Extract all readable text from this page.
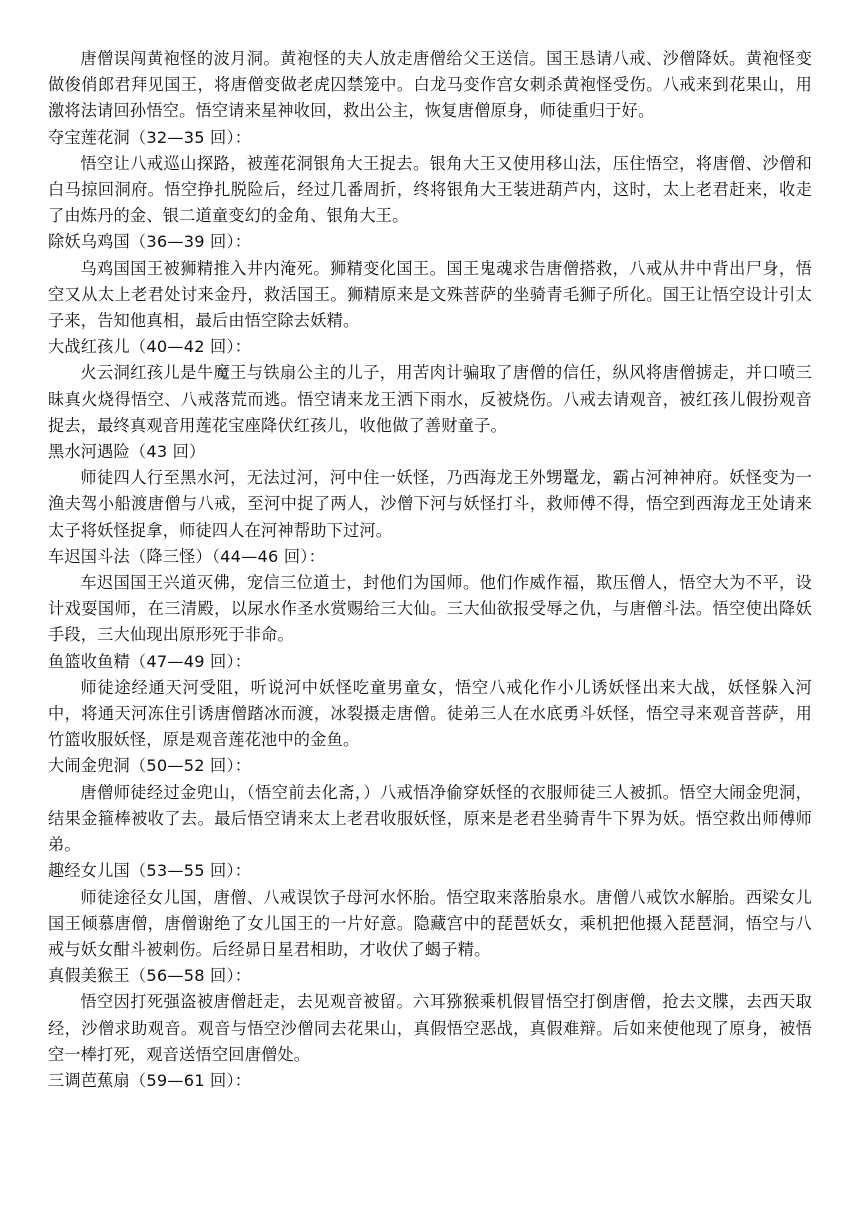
唐僧误闯黄袍怪的波月洞。黄袍怪的夫人放走唐僧给父王送信。国王恳请八戒、沙僧降妖。黄袍怪变做俊俏郎君拜见国王，将唐僧变做老虎囚禁笼中。白龙马变作宫女刺杀黄袍怪受伤。八戒来到花果山，用激将法请回孙悟空。悟空请来星神收回，救出公主，恢复唐僧原身，师徒重归于好。

夺宝莲花洞（32—35 回）：

悟空让八戒巡山探路，被莲花洞银角大王捉去。银角大王又使用移山法，压住悟空，将唐僧、沙僧和白马掠回洞府。悟空挣扎脱险后，经过几番周折，终将银角大王装进葫芦内，这时，太上老君赶来，收走了由炼丹的金、银二道童变幻的金角、银角大王。

除妖乌鸡国（36—39 回）：

乌鸡国国王被狮精推入井内淹死。狮精变化国王。国王鬼魂求告唐僧搭救，八戒从井中背出尸身，悟空又从太上老君处讨来金丹，救活国王。狮精原来是文殊菩萨的坐骑青毛狮子所化。国王让悟空设计引太子来，告知他真相，最后由悟空除去妖精。

大战红孩儿（40—42 回）：

火云洞红孩儿是牛魔王与铁扇公主的儿子，用苦肉计骗取了唐僧的信任，纵风将唐僧掳走，并口喷三昧真火烧得悟空、八戒落荒而逃。悟空请来龙王洒下雨水，反被烧伤。八戒去请观音，被红孩儿假扮观音捉去，最终真观音用莲花宝座降伏红孩儿，收他做了善财童子。

黑水河遇险（43 回）

师徒四人行至黑水河，无法过河，河中住一妖怪，乃西海龙王外甥鼍龙，霸占河神神府。妖怪变为一渔夫驾小船渡唐僧与八戒，至河中捉了两人，沙僧下河与妖怪打斗，救师傅不得，悟空到西海龙王处请来太子将妖怪捉拿，师徒四人在河神帮助下过河。

车迟国斗法（降三怪）（44—46 回）：

车迟国国王兴道灭佛，宠信三位道士，封他们为国师。他们作威作福，欺压僧人，悟空大为不平，设计戏耍国师，在三清殿，以尿水作圣水赏赐给三大仙。三大仙欲报受辱之仇，与唐僧斗法。悟空使出降妖手段，三大仙现出原形死于非命。

鱼篮收鱼精（47—49 回）：

师徒途经通天河受阻，听说河中妖怪吃童男童女，悟空八戒化作小儿诱妖怪出来大战，妖怪躲入河中，将通天河冻住引诱唐僧踏冰而渡，冰裂摄走唐僧。徒弟三人在水底勇斗妖怪，悟空寻来观音菩萨，用竹篮收服妖怪，原是观音莲花池中的金鱼。

大闹金兜洞（50—52 回）：

唐僧师徒经过金兜山，（悟空前去化斋，）八戒悟净偷穿妖怪的衣服师徒三人被抓。悟空大闹金兜洞，结果金箍棒被收了去。最后悟空请来太上老君收服妖怪，原来是老君坐骑青牛下界为妖。悟空救出师傅师弟。

趣经女儿国（53—55 回）：

师徒途径女儿国，唐僧、八戒误饮子母河水怀胎。悟空取来落胎泉水。唐僧八戒饮水解胎。西梁女儿国王倾慕唐僧，唐僧谢绝了女儿国王的一片好意。隐藏宫中的琵琶妖女，乘机把他摄入琵琶洞，悟空与八戒与妖女酣斗被刺伤。后经昴日星君相助，才收伏了蝎子精。

真假美猴王（56—58 回）：

悟空因打死强盗被唐僧赶走，去见观音被留。六耳猕猴乘机假冒悟空打倒唐僧，抢去文牒，去西天取经，沙僧求助观音。观音与悟空沙僧同去花果山，真假悟空恶战，真假难辩。后如来使他现了原身，被悟空一棒打死，观音送悟空回唐僧处。

三调芭蕉扇（59—61 回）：
